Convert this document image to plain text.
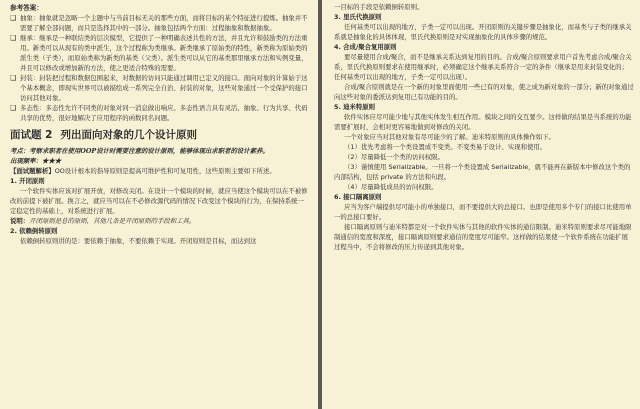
参考答案：

❑ 抽象：抽象就是忽略一个主题中与当前目标无关的那些方面，而将目标的某个特征进行提炼。抽象并不需要了解全部问题，而只是选择其中的一部分。抽象包括两个方面：过程抽象和数据抽象。
❑ 继承：继承是一种联结类的层次模型，它提供了一种明确表述共性的方法，并且允许和鼓励类的方法重用。新类可以从现有的类中派生，这个过程称为类继承。新类继承了原始类的特性，新类称为原始类的派生类（子类），而原始类称为新类的基类（父类）。派生类可以从它的基类那里继承方法和实例变量，并且可以修改或增加新的方法，使之更适合特殊的需要。
❑ 封装：封装把过程和数据包围起来，对数据的访问只能通过调用已定义的接口。面向对象的计算始于这个基本概念，即现实世界可以被描绘成一系列完全自治、封装的对象，这些对象通过一个受保护的接口访问其他对象。
❑ 多态性：多态性允许不同类的对象对同一消息做出响应。多态性语言具有灵活、抽象、行为共享、代码共享的优势，很好地解决了应用程序的函数同名问题。

面试题 2 列出面向对象的几个设计原则

考点：考察求职者在使用OOP设计时需要注意的设计原则，能够体现出求职者的设计素养。

出现频率：★★★

【面试题解析】OO设计根本的指导原则是提高可维护性和可复用性，这些原则主要如下所述。

1. 开闭原则

一个软件实体应该对扩展开放，对修改关闭。在设计一个模块的时候，就应当使这个模块可以在不被修改的前提下被扩展。换言之，就应当可以在不必修改源代码的情况下改变这个模块的行为，在保持系统一定稳定性的基础上，对系统进行扩展。

说明：开闭原则是总的原则，其他几条是开闭原则的手段和工具。

2. 依赖倒转原则

依赖倒转原则讲的是：要依赖于抽象，不要依赖于实现。开闭原则是目标，而达到这

一目标的手段是依赖倒转原则。

3. 里氏代换原则

任何基类可以出现的地方，子类一定可以出现。开闭原则的关键步骤是抽象化，而基类与子类的继承关系就是抽象化的具体体现，里氏代换原则是对实现抽象化的具体步骤的规范。

4. 合成/聚合复用原则

要尽量使用合成/聚合，而不是继承关系达到复用的目的。合成/聚合原则要求用户首先考虑合成/聚合关系，里氏代换原则要求在使用继承时，必须确定这个继承关系符合一定的条件（继承是用来封装变化的；任何基类可以出现的地方，子类一定可以出现）。

合成/聚合原则就是在一个新的对象里面使用一些已有的对象，使之成为新对象的一部分；新的对象通过向这些对象的委派达到复用已有功能的目的。

5. 迪米特原则

软件实体应尽可能少地与其他实体发生相互作用。模块之间的交互要少。这样做的结果是当系统的功能需要扩展时，会相对更容易地做到对修改的关闭。

一个对象应当对其他对象有尽可能少的了解。迪米特原则的具体操作如下。

（1）优先考虑将一个类设置成不变类。不变类易于设计、实现和使用。

（2）尽量降低一个类的访问权限。

（3）谨慎使用 Serializable。一旦将一个类设置成 Serializable，就不能再在新版本中修改这个类的内部结构，包括 private 的方法和句段。

（4）尽量降低成员的访问权限。

6. 接口隔离原则

应当为客户端提供尽可能小的单独接口，而不要提供大的总接口。也即是使用多个专门的接口比使用单一的总接口要好。

接口隔离原则与迪米特都是对一个软件实体与其他的软件实体的通信限制。迪米特原则要求尽可能地限制通信的宽度和深度，接口隔离原则要求通信的宽度尽可能窄。这样做的结果使一个软件系统在功能扩展过程当中，不会将修改的压力传递到其他对象。
